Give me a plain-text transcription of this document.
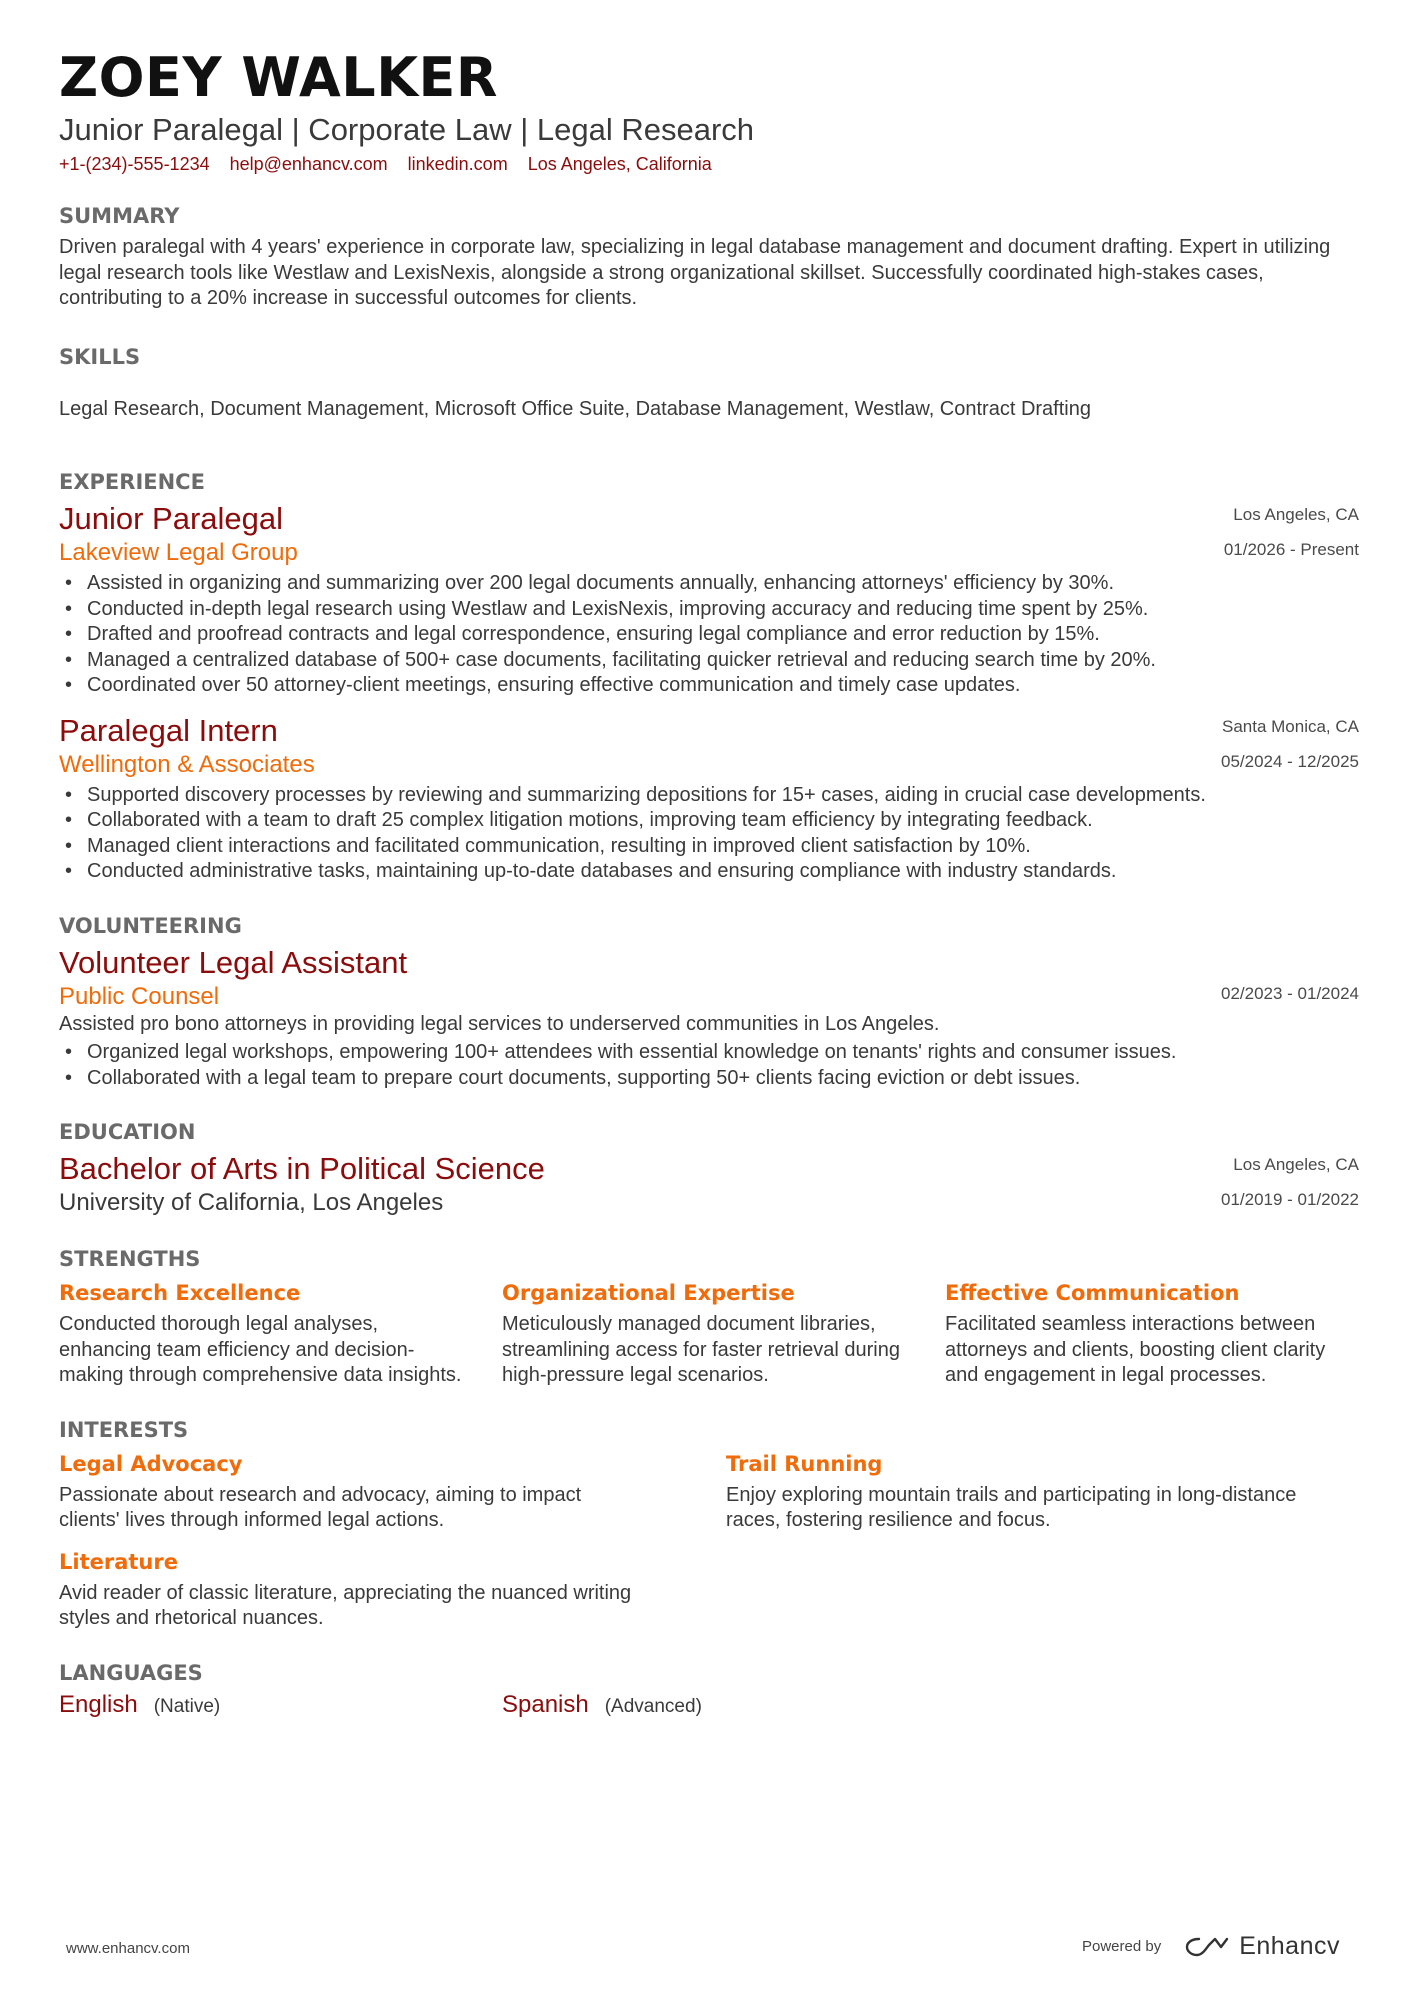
ZOEY WALKER
Junior Paralegal | Corporate Law | Legal Research
+1-(234)-555-1234 help@enhancv.com linkedin.com Los Angeles, California
SUMMARY
Driven paralegal with 4 years' experience in corporate law, specializing in legal database management and document drafting. Expert in utilizing legal research tools like Westlaw and LexisNexis, alongside a strong organizational skillset. Successfully coordinated high-stakes cases, contributing to a 20% increase in successful outcomes for clients.
SKILLS
Legal Research, Document Management, Microsoft Office Suite, Database Management, Westlaw, Contract Drafting
EXPERIENCE
Los Angeles, CA
01/2026 - Present
Junior Paralegal
Lakeview Legal Group
• Assisted in organizing and summarizing over 200 legal documents annually, enhancing attorneys' efficiency by 30%.
• Conducted in-depth legal research using Westlaw and LexisNexis, improving accuracy and reducing time spent by 25%.
• Drafted and proofread contracts and legal correspondence, ensuring legal compliance and error reduction by 15%.
• Managed a centralized database of 500+ case documents, facilitating quicker retrieval and reducing search time by 20%.
• Coordinated over 50 attorney-client meetings, ensuring effective communication and timely case updates.
Santa Monica, CA
05/2024 - 12/2025
Paralegal Intern
Wellington & Associates
• Supported discovery processes by reviewing and summarizing depositions for 15+ cases, aiding in crucial case developments.
• Collaborated with a team to draft 25 complex litigation motions, improving team efficiency by integrating feedback.
• Managed client interactions and facilitated communication, resulting in improved client satisfaction by 10%.
• Conducted administrative tasks, maintaining up-to-date databases and ensuring compliance with industry standards.
VOLUNTEERING
02/2023 - 01/2024
Volunteer Legal Assistant
Public Counsel
Assisted pro bono attorneys in providing legal services to underserved communities in Los Angeles.
• Organized legal workshops, empowering 100+ attendees with essential knowledge on tenants' rights and consumer issues.
• Collaborated with a legal team to prepare court documents, supporting 50+ clients facing eviction or debt issues.
EDUCATION
Los Angeles, CA
01/2019 - 01/2022
Bachelor of Arts in Political Science
University of California, Los Angeles
STRENGTHS
Research Excellence
Conducted thorough legal analyses, enhancing team efficiency and decision-making through comprehensive data insights.
Organizational Expertise
Meticulously managed document libraries, streamlining access for faster retrieval during high-pressure legal scenarios.
Effective Communication
Facilitated seamless interactions between attorneys and clients, boosting client clarity and engagement in legal processes.
INTERESTS
Legal Advocacy
Passionate about research and advocacy, aiming to impact clients' lives through informed legal actions.
Trail Running
Enjoy exploring mountain trails and participating in long-distance races, fostering resilience and focus.
Literature
Avid reader of classic literature, appreciating the nuanced writing styles and rhetorical nuances.
LANGUAGES
English (Native)	Spanish (Advanced)
www.enhancv.com	Powered by	Enhancv
